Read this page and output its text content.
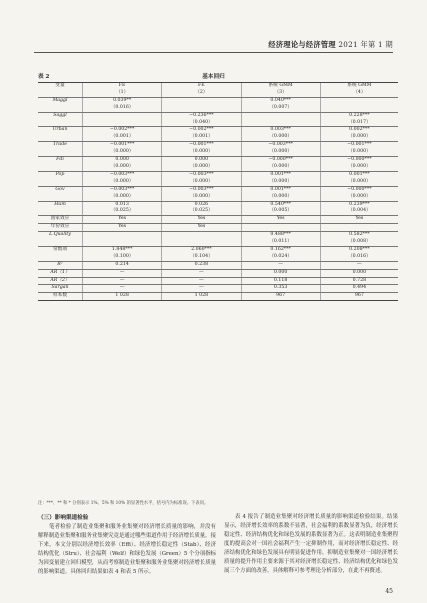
经济理论与经济管理 2021 年第 1 期
表 2	基本回归
变量	FE	FE	系统 GMM	系统 GMM
	（1）	（2）	（3）	（4）
Maggl	0.039**		0.040***	
	（0.016）		（0.007）	
Saggl		−0.236***		0.228***
		（0.040）		（0.017）
Urban	−0.002***	−0.002***	0.003***	0.002***
	（0.001）	（0.001）	（0.000）	（0.000）
Trade	−0.001***	−0.001***	−0.003***	−0.001***
	（0.000）	（0.000）	（0.000）	（0.000）
Fdi	0.000	0.000	−0.000***	−0.000***
	（0.000）	（0.000）	（0.000）	（0.000）
Pop	−0.003***	−0.003***	0.001***	0.001***
	（0.000）	（0.000）	（0.000）	（0.000）
Gov	−0.003***	−0.003***	0.001***	−0.000***
	（0.000）	（0.000）	（0.000）	（0.000）
Hum	0.013	0.026	0.540***	0.239***
	（0.025）	（0.025）	（0.005）	（0.004）
国家效应	Yes	Yes	Yes	Yes
年份效应	Yes	Yes		
L.Quality			0.488***	0.582***
			（0.011）	（0.008）
常数项	1.848***	2.060***	0.162***	0.208***
	（0.100）	（0.104）	（0.024）	（0.016）
R²	0.214	0.238	—	—
AR（1）	—	—	0.000	0.000
AR（2）	—	—	0.118	0.728
Sargan	—	—	0.353	0.494
样本数	1 028	1 028	967	967
注：***、** 和 * 分别表示 1%、5% 和 10% 的显著性水平，括号内为标准误。下表同。
（三）影响渠道检验
笔者检验了制造业集聚和服务业集聚对经济增长质量的影响，并没有解释制造业集聚和服务业集聚究竟是通过哪些渠道作用于经济增长质量。接下来，本文分别以经济增长效率（Effi）、经济增长稳定性（Stab）、经济结构优化（Stru）、社会福利（Welf）和绿色发展（Green）5 个分项指标为因变量建立回归模型，从而考察制造业集聚和服务业集聚对经济增长质量的影响渠道。具体回归结果如表 4 和表 5 所示。
表 4 报告了制造业集聚对经济增长质量的影响渠道检验结果。结果显示，经济增长效率的系数不显著，社会福利的系数显著为负，经济增长稳定性、经济结构优化和绿色发展的系数显著为正。这表明制造业集聚程度的提高会对一国社会福利产生一定抑制作用，而对经济增长稳定性、经济结构优化和绿色发展具有明显促进作用。抑制造业集聚对一国经济增长质量的提升作用主要来源于其对经济增长稳定性、经济结构优化和绿色发展三个方面的改善。具体解释可参考理论分析部分，在此不再赘述。
45
